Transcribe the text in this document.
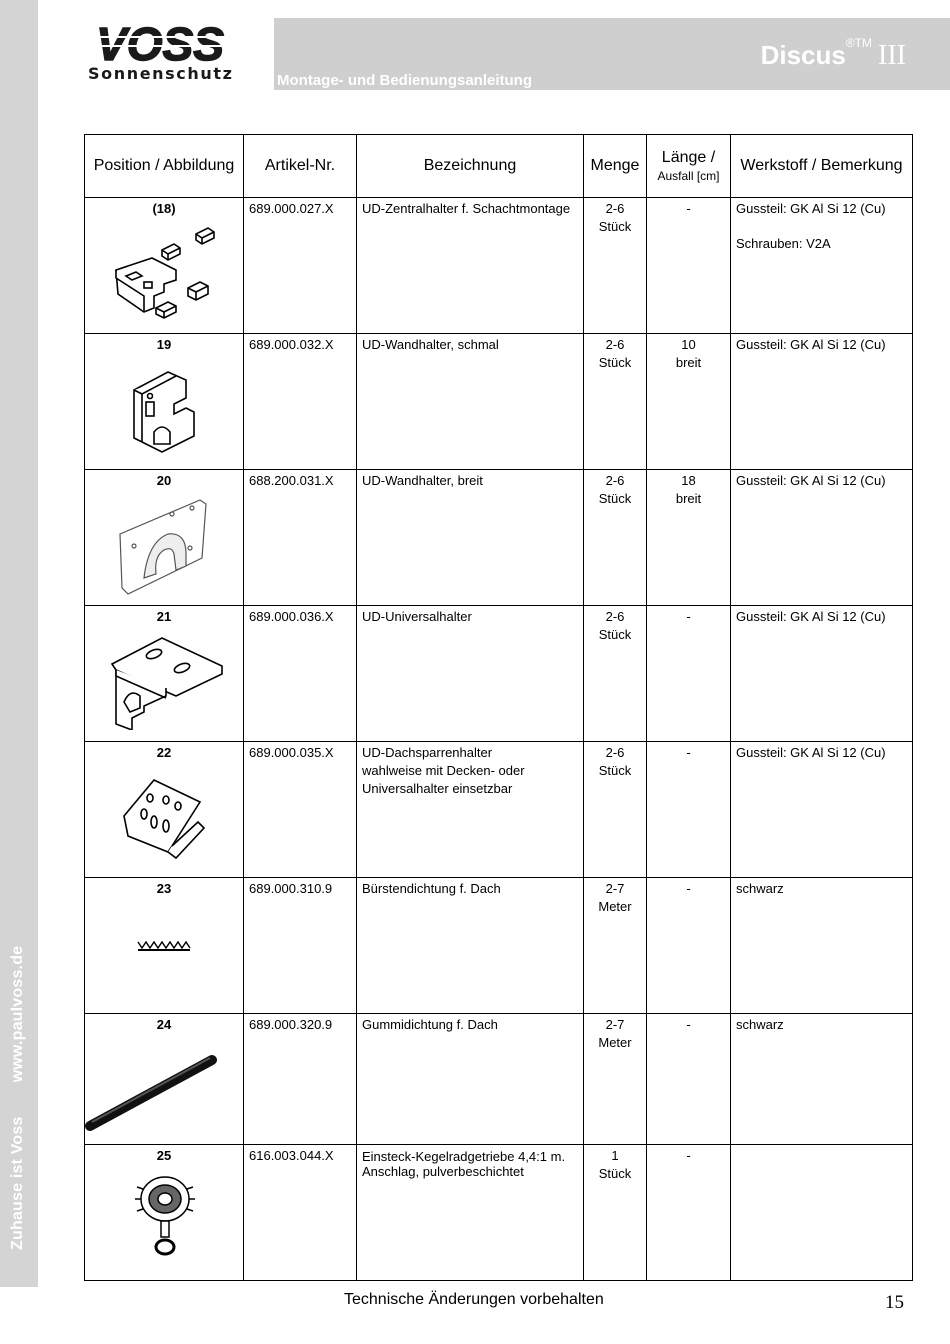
Zuhause ist Vosswww.paulvoss.de
VOSS
Sonnenschutz	Montage- und Bedienungsanleitung
Discus$^{®TM}$ III
Position / Abbildung	Artikel-Nr.	Bezeichnung	Menge	Länge /
Ausfall [cm]	Werkstoff / Bemerkung
(18)	689.000.027.X	UD-Zentralhalter f. Schachtmontage	2-6
Stück	-	Gussteil: GK Al Si 12 (Cu)
Schrauben: V2A

19	689.000.032.X	UD-Wandhalter, schmal	2-6
Stück	10
breit	Gussteil: GK Al Si 12 (Cu)

20	688.200.031.X	UD-Wandhalter, breit	2-6
Stück	18
breit	Gussteil: GK Al Si 12 (Cu)

21	689.000.036.X	UD-Universalhalter	2-6
Stück	-	Gussteil: GK Al Si 12 (Cu)

22	689.000.035.X	UD-Dachsparrenhalter
wahlweise mit Decken- oder
Universalhalter einsetzbar	2-6
Stück	-	Gussteil: GK Al Si 12 (Cu)

23	689.000.310.9	Bürstendichtung f. Dach	2-7
Meter	-	schwarz

24	689.000.320.9	Gummidichtung f. Dach	2-7
Meter	-	schwarz

25	616.003.044.X	Einsteck-Kegelradgetriebe 4,4:1 m.
Anschlag, pulverbeschichtet	1
Stück	-	

Technische Änderungen vorbehalten	15
